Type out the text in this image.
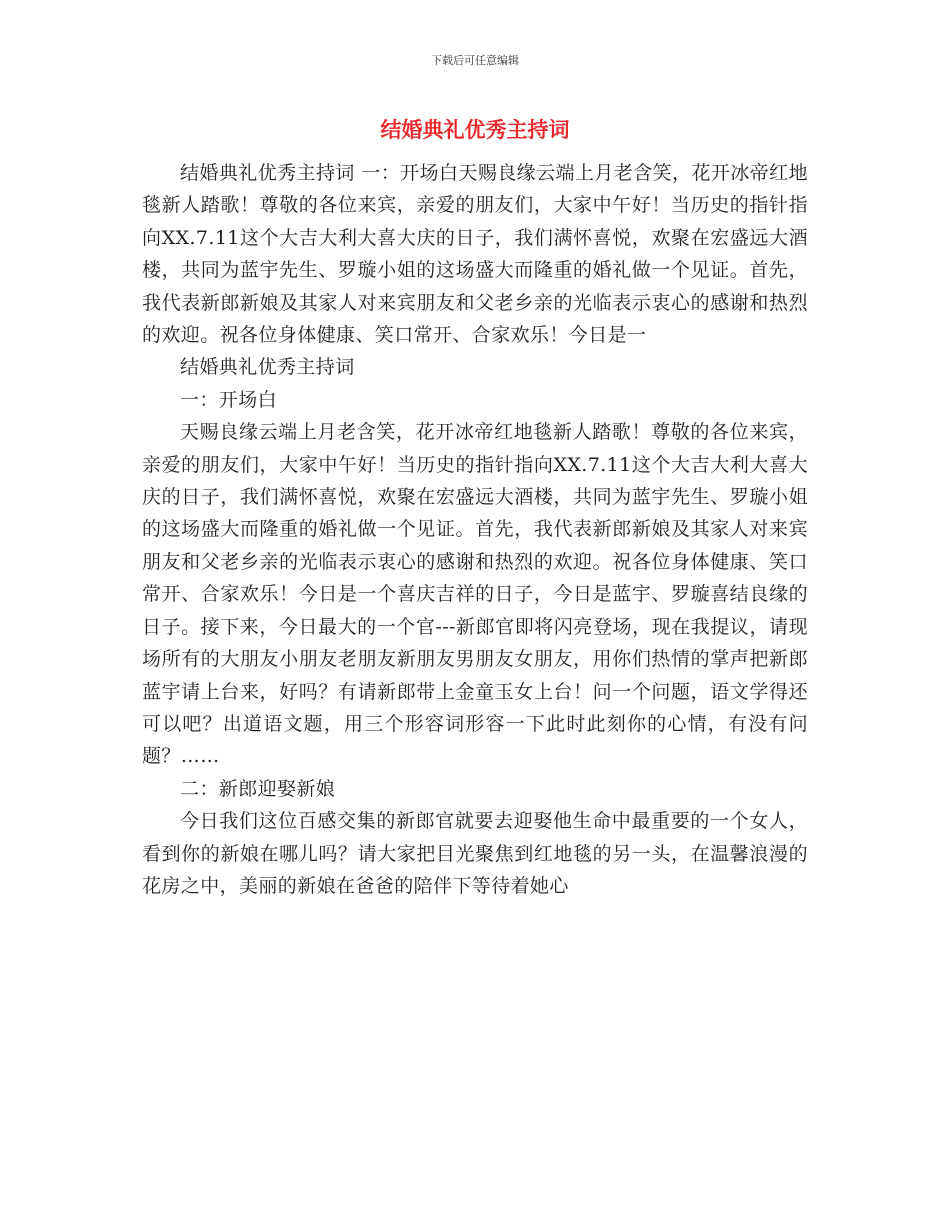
下载后可任意编辑
结婚典礼优秀主持词

结婚典礼优秀主持词 一：开场白天赐良缘云端上月老含笑，花开冰帝红地毯新人踏歌！尊敬的各位来宾，亲爱的朋友们，大家中午好！当历史的指针指向XX.7.11这个大吉大利大喜大庆的日子，我们满怀喜悦，欢聚在宏盛远大酒楼，共同为蓝宇先生、罗璇小姐的这场盛大而隆重的婚礼做一个见证。首先，我代表新郎新娘及其家人对来宾朋友和父老乡亲的光临表示衷心的感谢和热烈的欢迎。祝各位身体健康、笑口常开、合家欢乐！今日是一

结婚典礼优秀主持词

一：开场白

天赐良缘云端上月老含笑，花开冰帝红地毯新人踏歌！尊敬的各位来宾，亲爱的朋友们，大家中午好！当历史的指针指向XX.7.11这个大吉大利大喜大庆的日子，我们满怀喜悦，欢聚在宏盛远大酒楼，共同为蓝宇先生、罗璇小姐的这场盛大而隆重的婚礼做一个见证。首先，我代表新郎新娘及其家人对来宾朋友和父老乡亲的光临表示衷心的感谢和热烈的欢迎。祝各位身体健康、笑口常开、合家欢乐！今日是一个喜庆吉祥的日子，今日是蓝宇、罗璇喜结良缘的日子。接下来，今日最大的一个官---新郎官即将闪亮登场，现在我提议，请现场所有的大朋友小朋友老朋友新朋友男朋友女朋友，用你们热情的掌声把新郎蓝宇请上台来，好吗？有请新郎带上金童玉女上台！问一个问题，语文学得还可以吧？出道语文题，用三个形容词形容一下此时此刻你的心情，有没有问题？……

二：新郎迎娶新娘

今日我们这位百感交集的新郎官就要去迎娶他生命中最重要的一个女人，看到你的新娘在哪儿吗？请大家把目光聚焦到红地毯的另一头，在温馨浪漫的花房之中，美丽的新娘在爸爸的陪伴下等待着她心
